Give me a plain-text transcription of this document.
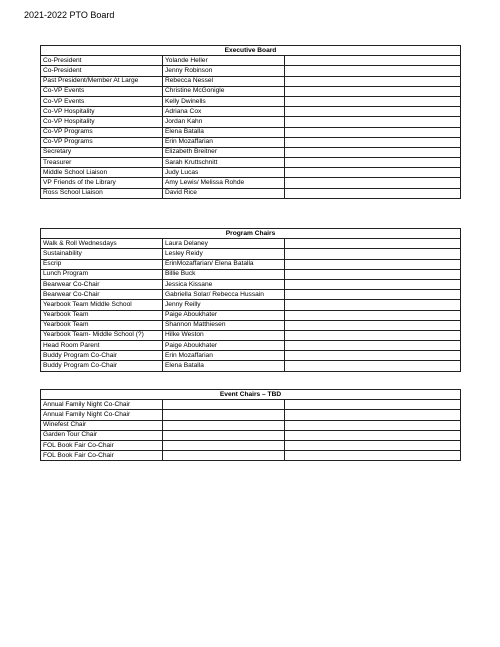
2021-2022 PTO Board
Executive Board		
Co-President	Yolande Heller	
Co-President	Jenny Robinson	
Past President/Member At Large	Rebecca Nessel	
Co-VP Events	Christine McGonigle	
Co-VP Events	Kelly Dwinells	
Co-VP Hospitality	Adriana Cox	
Co-VP Hospitality	Jordan Kahn	
Co-VP Programs	Elena Batalla	
Co-VP Programs	Erin Mozaffarian	
Secretary	Elizabeth Breitner	
Treasurer	Sarah Kruttschnitt	
Middle School Liaison	Judy Lucas	
VP Friends of the Library	Amy Lewis/ Melissa Rohde	
Ross School Liaison	David Rice	
Program Chairs		
Walk & Roll Wednesdays	Laura Delaney	
Sustainability	Lesley Reidy	
Escrip	ErinMozaffarian/ Elena Batalla	
Lunch Program	Billie Buck	
Bearwear Co-Chair	Jessica Kissane	
Bearwear Co-Chair	Gabriella Solar/ Rebecca Hussain	
Yearbook Team Middle School	Jenny Reilly	
Yearbook Team	Paige Aboukhater	
Yearbook Team	Shannon Matthiesen	
Yearbook Team- Middle School (?)	Hilke Weston	
Head Room Parent	Paige Aboukhater	
Buddy Program Co-Chair	Erin Mozaffarian	
Buddy Program Co-Chair	Elena Batalla	
Event Chairs – TBD		
Annual Family Night Co-Chair		
Annual Family Night Co-Chair		
Winefest Chair		
Garden Tour Chair		
FOL Book Fair Co-Chair		
FOL Book Fair Co-Chair		
